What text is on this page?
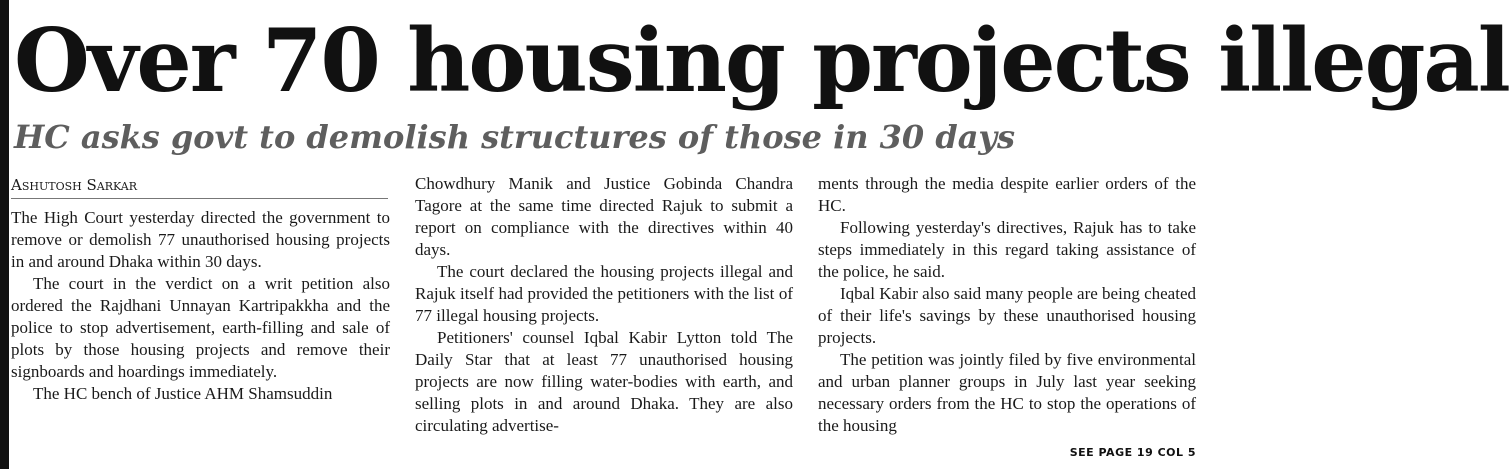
Over 70 housing projects illegal
HC asks govt to demolish structures of those in 30 days
Ashutosh Sarkar

The High Court yesterday directed the government to remove or demolish 77 unauthorised housing projects in and around Dhaka within 30 days.

The court in the verdict on a writ petition also ordered the Rajdhani Unnayan Kartripakkha and the police to stop advertisement, earth-filling and sale of plots by those housing projects and remove their signboards and hoardings immediately.

The HC bench of Justice AHM Shamsuddin

Chowdhury Manik and Justice Gobinda Chandra Tagore at the same time directed Rajuk to submit a report on compliance with the directives within 40 days.

The court declared the housing projects illegal and Rajuk itself had provided the petitioners with the list of 77 illegal housing projects.

Petitioners' counsel Iqbal Kabir Lytton told The Daily Star that at least 77 unauthorised housing projects are now filling water-bodies with earth, and selling plots in and around Dhaka. They are also circulating advertise-

ments through the media despite earlier orders of the HC.

Following yesterday's directives, Rajuk has to take steps immediately in this regard taking assistance of the police, he said.

Iqbal Kabir also said many people are being cheated of their life's savings by these unauthorised housing projects.

The petition was jointly filed by five environmental and urban planner groups in July last year seeking necessary orders from the HC to stop the operations of the housing

SEE PAGE 19 COL 5
